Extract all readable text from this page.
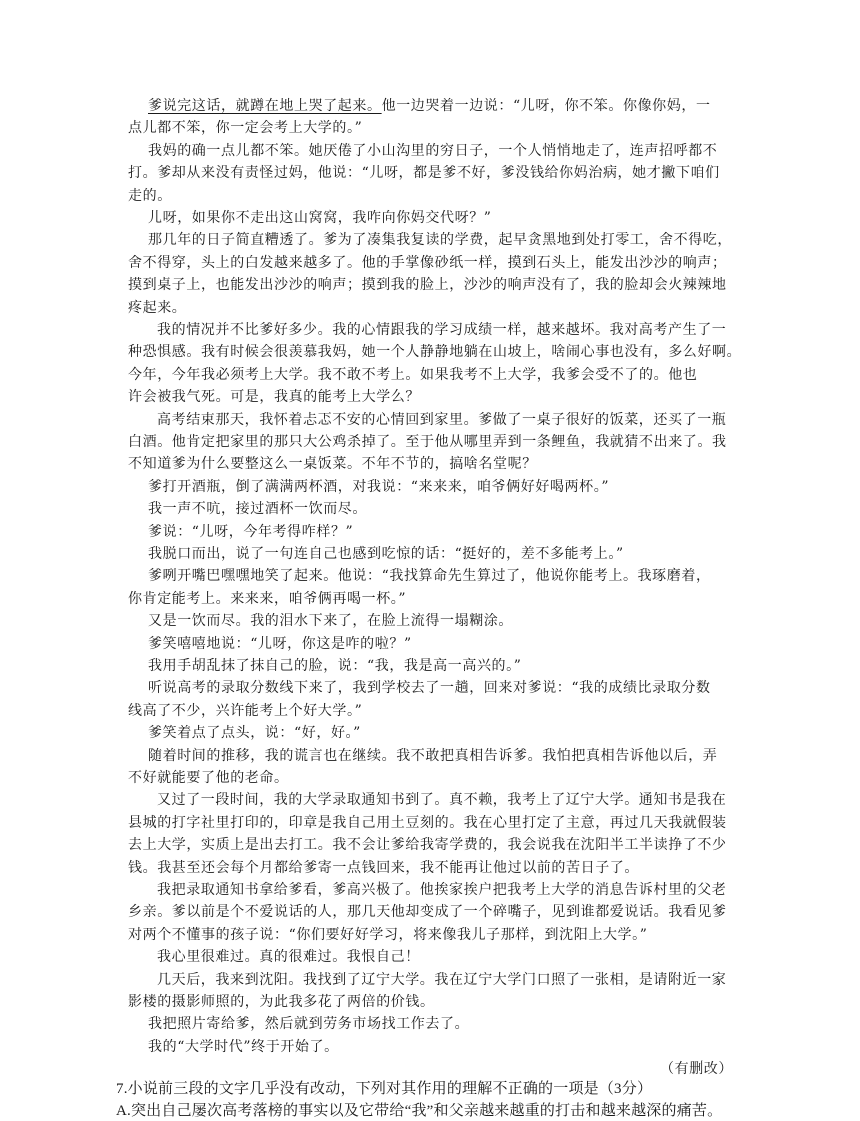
爹说完这话，就蹲在地上哭了起来。他一边哭着一边说：“儿呀，你不笨。你像你妈，一
点儿都不笨，你一定会考上大学的。”
我妈的确一点儿都不笨。她厌倦了小山沟里的穷日子，一个人悄悄地走了，连声招呼都不
打。爹却从来没有责怪过妈，他说：“儿呀，都是爹不好，爹没钱给你妈治病，她才撇下咱们
走的。
儿呀，如果你不走出这山窝窝，我咋向你妈交代呀？”
那几年的日子简直糟透了。爹为了凑集我复读的学费，起早贪黑地到处打零工，舍不得吃，
舍不得穿，头上的白发越来越多了。他的手掌像砂纸一样，摸到石头上，能发出沙沙的响声；
摸到桌子上，也能发出沙沙的响声；摸到我的脸上，沙沙的响声没有了，我的脸却会火辣辣地
疼起来。
我的情况并不比爹好多少。我的心情跟我的学习成绩一样，越来越坏。我对高考产生了一
种恐惧感。我有时候会很羡慕我妈，她一个人静静地躺在山坡上，啥闹心事也没有，多么好啊。
今年，今年我必须考上大学。我不敢不考上。如果我考不上大学，我爹会受不了的。他也
许会被我气死。可是，我真的能考上大学么？
高考结束那天，我怀着忐忑不安的心情回到家里。爹做了一桌子很好的饭菜，还买了一瓶
白酒。他肯定把家里的那只大公鸡杀掉了。至于他从哪里弄到一条鲤鱼，我就猜不出来了。我
不知道爹为什么要整这么一桌饭菜。不年不节的，搞啥名堂呢？
爹打开酒瓶，倒了满满两杯酒，对我说：“来来来，咱爷俩好好喝两杯。”
我一声不吭，接过酒杯一饮而尽。
爹说：“儿呀，今年考得咋样？”
我脱口而出，说了一句连自己也感到吃惊的话：“挺好的，差不多能考上。”
爹咧开嘴巴嘿嘿地笑了起来。他说：“我找算命先生算过了，他说你能考上。我琢磨着，
你肯定能考上。来来来，咱爷俩再喝一杯。”
又是一饮而尽。我的泪水下来了，在脸上流得一塌糊涂。
爹笑嘻嘻地说：“儿呀，你这是咋的啦？”
我用手胡乱抹了抹自己的脸，说：“我，我是高一高兴的。”
听说高考的录取分数线下来了，我到学校去了一趟，回来对爹说：“我的成绩比录取分数
线高了不少，兴许能考上个好大学。”
爹笑着点了点头，说：“好，好。”
随着时间的推移，我的谎言也在继续。我不敢把真相告诉爹。我怕把真相告诉他以后，弄
不好就能要了他的老命。
又过了一段时间，我的大学录取通知书到了。真不赖，我考上了辽宁大学。通知书是我在
县城的打字社里打印的，印章是我自己用土豆刻的。我在心里打定了主意，再过几天我就假装
去上大学，实质上是出去打工。我不会让爹给我寄学费的，我会说我在沈阳半工半读挣了不少
钱。我甚至还会每个月都给爹寄一点钱回来，我不能再让他过以前的苦日子了。
我把录取通知书拿给爹看，爹高兴极了。他挨家挨户把我考上大学的消息告诉村里的父老
乡亲。爹以前是个不爱说话的人，那几天他却变成了一个碎嘴子，见到谁都爱说话。我看见爹
对两个不懂事的孩子说：“你们要好好学习，将来像我儿子那样，到沈阳上大学。”
我心里很难过。真的很难过。我恨自己！
几天后，我来到沈阳。我找到了辽宁大学。我在辽宁大学门口照了一张相，是请附近一家
影楼的摄影师照的，为此我多花了两倍的价钱。
我把照片寄给爹，然后就到劳务市场找工作去了。
我的“大学时代”终于开始了。
（有删改）
7.小说前三段的文字几乎没有改动，下列对其作用的理解不正确的一项是（3分）
A.突出自己屡次高考落榜的事实以及它带给“我”和父亲越来越重的打击和越来越深的痛苦。
